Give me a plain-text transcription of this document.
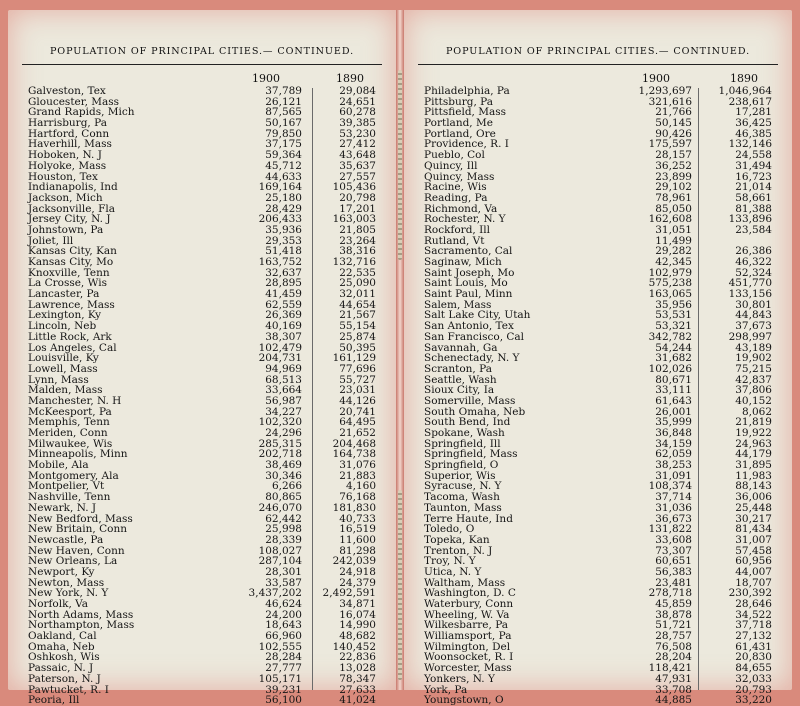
POPULATION OF PRINCIPAL CITIES.— CONTINUED.
1900	1890
Galveston, Tex	37,789	29,084
Gloucester, Mass	26,121	24,651
Grand Rapids, Mich	87,565	60,278
Harrisburg, Pa	50,167	39,385
Hartford, Conn	79,850	53,230
Haverhill, Mass	37,175	27,412
Hoboken, N. J	59,364	43,648
Holyoke, Mass	45,712	35,637
Houston, Tex	44,633	27,557
Indianapolis, Ind	169,164	105,436
Jackson, Mich	25,180	20,798
Jacksonville, Fla	28,429	17,201
Jersey City, N. J	206,433	163,003
Johnstown, Pa	35,936	21,805
Joliet, Ill	29,353	23,264
Kansas City, Kan	51,418	38,316
Kansas City, Mo	163,752	132,716
Knoxville, Tenn	32,637	22,535
La Crosse, Wis	28,895	25,090
Lancaster, Pa	41,459	32,011
Lawrence, Mass	62,559	44,654
Lexington, Ky	26,369	21,567
Lincoln, Neb	40,169	55,154
Little Rock, Ark	38,307	25,874
Los Angeles, Cal	102,479	50,395
Louisville, Ky	204,731	161,129
Lowell, Mass	94,969	77,696
Lynn, Mass	68,513	55,727
Malden, Mass	33,664	23,031
Manchester, N. H	56,987	44,126
McKeesport, Pa	34,227	20,741
Memphis, Tenn	102,320	64,495
Meriden, Conn	24,296	21,652
Milwaukee, Wis	285,315	204,468
Minneapolis, Minn	202,718	164,738
Mobile, Ala	38,469	31,076
Montgomery, Ala	30,346	21,883
Montpelier, Vt	6,266	4,160
Nashville, Tenn	80,865	76,168
Newark, N. J	246,070	181,830
New Bedford, Mass	62,442	40,733
New Britain, Conn	25,998	16,519
Newcastle, Pa	28,339	11,600
New Haven, Conn	108,027	81,298
New Orleans, La	287,104	242,039
Newport, Ky	28,301	24,918
Newton, Mass	33,587	24,379
New York, N. Y	3,437,202 2,492,591
Norfolk, Va	46,624	34,871
North Adams, Mass	24,200	16,074
Northampton, Mass	18,643	14,990
Oakland, Cal	66,960	48,682
Omaha, Neb	102,555	140,452
Oshkosh, Wis	28,284	22,836
Passaic, N. J	27,777	13,028
Paterson, N. J	105,171	78,347
Pawtucket, R. I	39,231	27,633
Peoria, Ill	56,100	41,024
POPULATION OF PRINCIPAL CITIES.— CONTINUED.
1900	1890
Philadelphia, Pa	1,293,697	1,046,964
Pittsburg, Pa	321,616	238,617
Pittsfield, Mass	21,766	17,281
Portland, Me	50,145	36,425
Portland, Ore	90,426	46,385
Providence, R. I	175,597	132,146
Pueblo, Col	28,157	24,558
Quincy, Ill	36,252	31,494
Quincy, Mass	23,899	16,723
Racine, Wis	29,102	21,014
Reading, Pa	78,961	58,661
Richmond, Va	85,050	81,388
Rochester, N. Y	162,608	133,896
Rockford, Ill	31,051	23,584
Rutland, Vt	11,499
Sacramento, Cal	29,282	26,386
Saginaw, Mich	42,345	46,322
Saint Joseph, Mo	102,979	52,324
Saint Louis, Mo	575,238	451,770
Saint Paul, Minn	163,065	133,156
Salem, Mass	35,956	30,801
Salt Lake City, Utah	53,531	44,843
San Antonio, Tex	53,321	37,673
San Francisco, Cal	342,782	298,997
Savannah, Ga	54,244	43,189
Schenectady, N. Y	31,682	19,902
Scranton, Pa	102,026	75,215
Seattle, Wash	80,671	42,837
Sioux City, Ia	33,111	37,806
Somerville, Mass	61,643	40,152
South Omaha, Neb	26,001	8,062
South Bend, Ind	35,999	21,819
Spokane, Wash	36,848	19,922
Springfield, Ill	34,159	24,963
Springfield, Mass	62,059	44,179
Springfield, O	38,253	31,895
Superior, Wis	31,091	11,983
Syracuse, N. Y	108,374	88,143
Tacoma, Wash	37,714	36,006
Taunton, Mass	31,036	25,448
Terre Haute, Ind	36,673	30,217
Toledo, O	131,822	81,434
Topeka, Kan	33,608	31,007
Trenton, N. J	73,307	57,458
Troy, N. Y	60,651	60,956
Utica, N. Y	56,383	44,007
Waltham, Mass	23,481	18,707
Washington, D. C	278,718	230,392
Waterbury, Conn	45,859	28,646
Wheeling, W. Va	38,878	34,522
Wilkesbarre, Pa	51,721	37,718
Williamsport, Pa	28,757	27,132
Wilmington, Del	76,508	61,431
Woonsocket, R. I	28,204	20,830
Worcester, Mass	118,421	84,655
Yonkers, N. Y	47,931	32,033
York, Pa	33,708	20,793
Youngstown, O	44,885	33,220
